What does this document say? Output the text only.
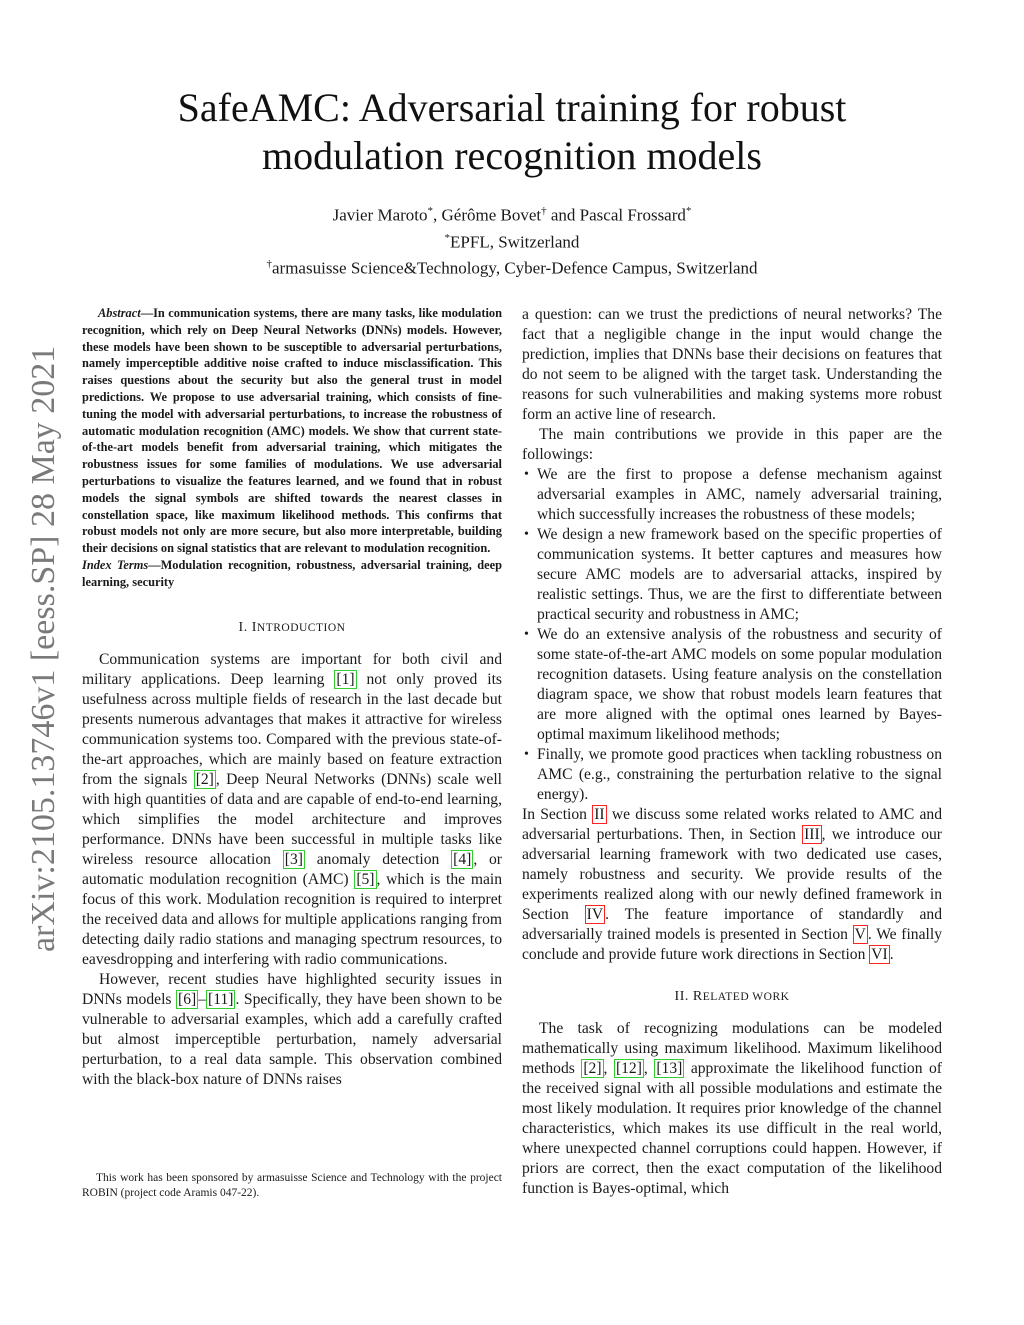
arXiv:2105.13746v1 [eess.SP] 28 May 2021
SafeAMC: Adversarial training for robust
modulation recognition models
Javier Maroto*, Gérôme Bovet† and Pascal Frossard*
*EPFL, Switzerland
†armasuisse Science&Technology, Cyber-Defence Campus, Switzerland

Abstract—In communication systems, there are many tasks, like modulation recognition, which rely on Deep Neural Networks (DNNs) models. However, these models have been shown to be susceptible to adversarial perturbations, namely imperceptible additive noise crafted to induce misclassification. This raises questions about the security but also the general trust in model predictions. We propose to use adversarial training, which consists of fine-tuning the model with adversarial perturbations, to increase the robustness of automatic modulation recognition (AMC) models. We show that current state-of-the-art models benefit from adversarial training, which mitigates the robustness issues for some families of modulations. We use adversarial perturbations to visualize the features learned, and we found that in robust models the signal symbols are shifted towards the nearest classes in constellation space, like maximum likelihood methods. This confirms that robust models not only are more secure, but also more interpretable, building their decisions on signal statistics that are relevant to modulation recognition.

Index Terms—Modulation recognition, robustness, adversarial training, deep learning, security

I. INTRODUCTION

Communication systems are important for both civil and military applications. Deep learning [1] not only proved its usefulness across multiple fields of research in the last decade but presents numerous advantages that makes it attractive for wireless communication systems too. Compared with the previous state-of-the-art approaches, which are mainly based on feature extraction from the signals [2] , Deep Neural Networks (DNNs) scale well with high quantities of data and are capable of end-to-end learning, which simplifies the model architecture and improves performance. DNNs have been successful in multiple tasks like wireless resource allocation [3] anomaly detection [4] , or automatic modulation recognition (AMC) [5] , which is the main focus of this work. Modulation recognition is required to interpret the received data and allows for multiple applications ranging from detecting daily radio stations and managing spectrum resources, to eavesdropping and interfering with radio communications.

However, recent studies have highlighted security issues in DNNs models [6] – [11] . Specifically, they have been shown to be vulnerable to adversarial examples, which add a carefully crafted but almost imperceptible perturbation, namely adversarial perturbation, to a real data sample. This observation combined with the black-box nature of DNNs raises

This work has been sponsored by armasuisse Science and Technology with the project ROBIN (project code Aramis 047-22).

a question: can we trust the predictions of neural networks? The fact that a negligible change in the input would change the prediction, implies that DNNs base their decisions on features that do not seem to be aligned with the target task. Understanding the reasons for such vulnerabilities and making systems more robust form an active line of research.

The main contributions we provide in this paper are the followings:

• We are the first to propose a defense mechanism against adversarial examples in AMC, namely adversarial training, which successfully increases the robustness of these models;
• We design a new framework based on the specific properties of communication systems. It better captures and measures how secure AMC models are to adversarial attacks, inspired by realistic settings. Thus, we are the first to differentiate between practical security and robustness in AMC;
• We do an extensive analysis of the robustness and security of some state-of-the-art AMC models on some popular modulation recognition datasets. Using feature analysis on the constellation diagram space, we show that robust models learn features that are more aligned with the optimal ones learned by Bayes-optimal maximum likelihood methods;
• Finally, we promote good practices when tackling robustness on AMC (e.g., constraining the perturbation relative to the signal energy).

In Section II we discuss some related works related to AMC and adversarial perturbations. Then, in Section III , we introduce our adversarial learning framework with two dedicated use cases, namely robustness and security. We provide results of the experiments realized along with our newly defined framework in Section IV . The feature importance of standardly and adversarially trained models is presented in Section V . We finally conclude and provide future work directions in Section VI .

II. RELATED WORK

The task of recognizing modulations can be modeled mathematically using maximum likelihood. Maximum likelihood methods [2] , [12] , [13] approximate the likelihood function of the received signal with all possible modulations and estimate the most likely modulation. It requires prior knowledge of the channel characteristics, which makes its use difficult in the real world, where unexpected channel corruptions could happen. However, if priors are correct, then the exact computation of the likelihood function is Bayes-optimal, which
